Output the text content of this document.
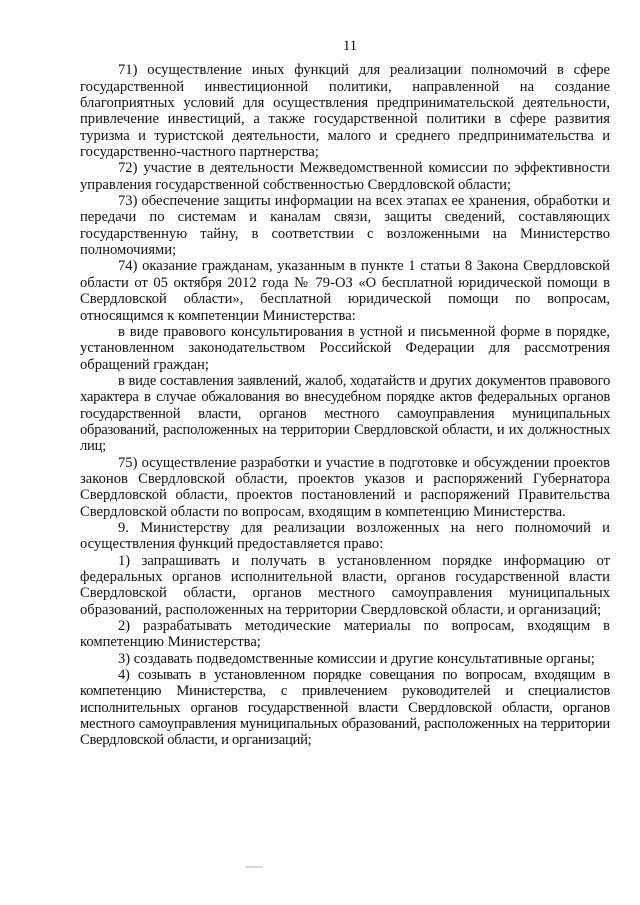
11

71) осуществление иных функций для реализации полномочий в сфере государственной инвестиционной политики, направленной на создание благоприятных условий для осуществления предпринимательской деятельности, привлечение инвестиций, а также государственной политики в сфере развития туризма и туристской деятельности, малого и среднего предпринимательства и государственно-частного партнерства;

72) участие в деятельности Межведомственной комиссии по эффективности управления государственной собственностью Свердловской области;

73) обеспечение защиты информации на всех этапах ее хранения, обработки и передачи по системам и каналам связи, защиты сведений, составляющих государственную тайну, в соответствии с возложенными на Министерство полномочиями;

74) оказание гражданам, указанным в пункте 1 статьи 8 Закона Свердловской области от 05 октября 2012 года № 79-ОЗ «О бесплатной юридической помощи в Свердловской области», бесплатной юридической помощи по вопросам, относящимся к компетенции Министерства:

в виде правового консультирования в устной и письменной форме в порядке, установленном законодательством Российской Федерации для рассмотрения обращений граждан;

в виде составления заявлений, жалоб, ходатайств и других документов правового характера в случае обжалования во внесудебном порядке актов федеральных органов государственной власти, органов местного самоуправления муниципальных образований, расположенных на территории Свердловской области, и их должностных лиц;

75) осуществление разработки и участие в подготовке и обсуждении проектов законов Свердловской области, проектов указов и распоряжений Губернатора Свердловской области, проектов постановлений и распоряжений Правительства Свердловской области по вопросам, входящим в компетенцию Министерства.

9. Министерству для реализации возложенных на него полномочий и осуществления функций предоставляется право:

1) запрашивать и получать в установленном порядке информацию от федеральных органов исполнительной власти, органов государственной власти Свердловской области, органов местного самоуправления муниципальных образований, расположенных на территории Свердловской области, и организаций;

2) разрабатывать методические материалы по вопросам, входящим в компетенцию Министерства;

3) создавать подведомственные комиссии и другие консультативные органы;

4) созывать в установленном порядке совещания по вопросам, входящим в компетенцию Министерства, с привлечением руководителей и специалистов исполнительных органов государственной власти Свердловской области, органов местного самоуправления муниципальных образований, расположенных на территории Свердловской области, и организаций;
